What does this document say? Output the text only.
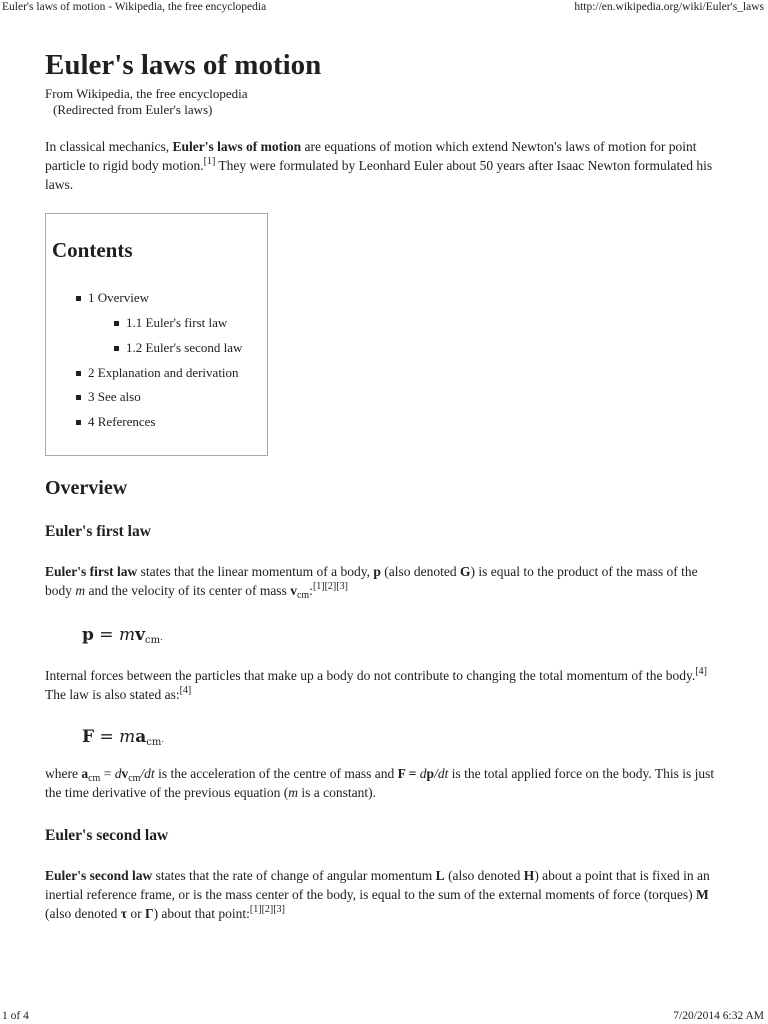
Euler's laws of motion - Wikipedia, the free encyclopedia	http://en.wikipedia.org/wiki/Euler's_laws
Euler's laws of motion
From Wikipedia, the free encyclopedia
(Redirected from Euler's laws)

In classical mechanics, Euler's laws of motion are equations of motion which extend Newton's laws of motion for point particle to rigid body motion.[1] They were formulated by Leonhard Euler about 50 years after Isaac Newton formulated his laws.

Contents
1 Overview
1.1 Euler's first law
1.2 Euler's second law
2 Explanation and derivation
3 See also
4 References
Overview
Euler's first law

Euler's first law states that the linear momentum of a body, p (also denoted G) is equal to the product of the mass of the body m and the velocity of its center of mass $v_{cm}:[1][2][3]$

$p = mv_{cm}$.

Internal forces between the particles that make up a body do not contribute to changing the total momentum of the body.[4] The law is also stated as:[4]

$F = ma_{cm}$.

where $a_{cm} = dv_{cm}/dt$ is the acceleration of the centre of mass and F = dp/dt is the total applied force on the body. This is just the time derivative of the previous equation (m is a constant).

Euler's second law

Euler's second law states that the rate of change of angular momentum L (also denoted H) about a point that is fixed in an inertial reference frame, or is the mass center of the body, is equal to the sum of the external moments of force (torques) M (also denoted τ or Γ) about that point:[1][2][3]

1 of 4	7/20/2014 6:32 AM
